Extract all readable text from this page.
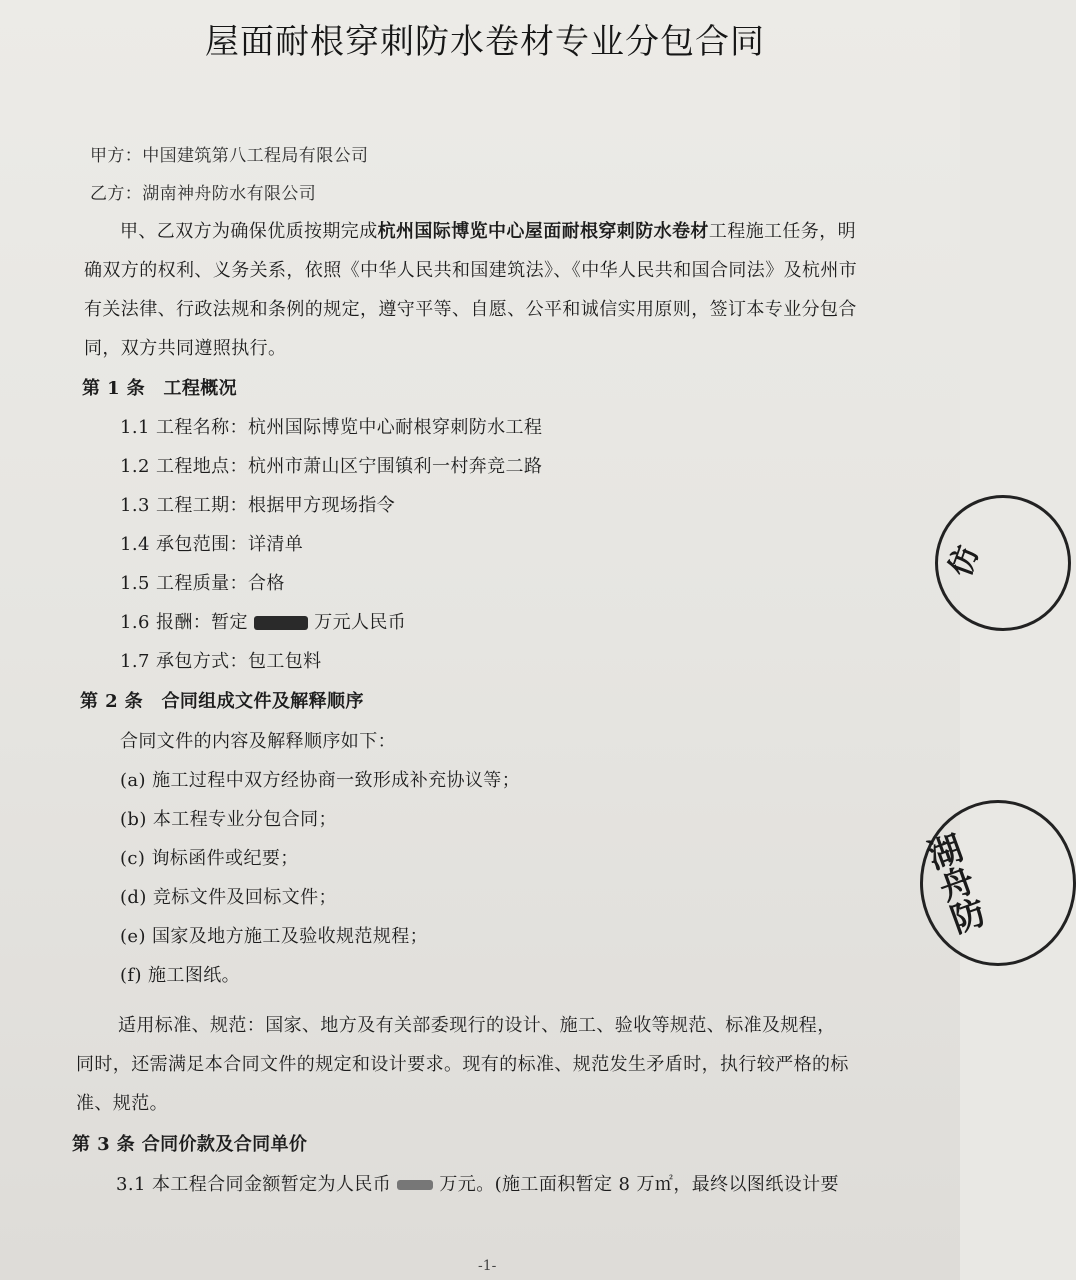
屋面耐根穿刺防水卷材专业分包合同
甲方：中国建筑第八工程局有限公司
乙方：湖南神舟防水有限公司
甲、乙双方为确保优质按期完成杭州国际博览中心屋面耐根穿刺防水卷材工程施工任务，明
确双方的权利、义务关系，依照《中华人民共和国建筑法》、《中华人民共和国合同法》及杭州市
有关法律、行政法规和条例的规定，遵守平等、自愿、公平和诚信实用原则，签订本专业分包合
同，双方共同遵照执行。
第 1 条　工程概况
1.1 工程名称：杭州国际博览中心耐根穿刺防水工程
1.2 工程地点：杭州市萧山区宁围镇利一村奔竞二路
1.3 工程工期：根据甲方现场指令
1.4 承包范围：详清单
1.5 工程质量：合格
1.6 报酬：暂定	万元人民币
1.7 承包方式：包工包料
第 2 条　合同组成文件及解释顺序
合同文件的内容及解释顺序如下：
(a) 施工过程中双方经协商一致形成补充协议等；
(b) 本工程专业分包合同；
(c) 询标函件或纪要；
(d) 竞标文件及回标文件；
(e) 国家及地方施工及验收规范规程；
(f) 施工图纸。
适用标准、规范：国家、地方及有关部委现行的设计、施工、验收等规范、标准及规程，
同时，还需满足本合同文件的规定和设计要求。现有的标准、规范发生矛盾时，执行较严格的标
准、规范。
第 3 条 合同价款及合同单价
3.1 本工程合同金额暂定为人民币	万元。(施工面积暂定 8 万㎡，最终以图纸设计要
-1-
仿
湖舟防
